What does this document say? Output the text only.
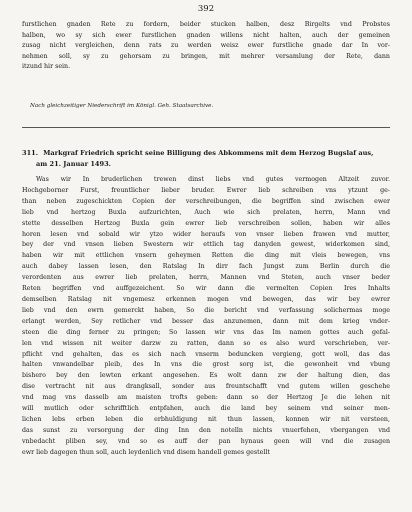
392
furstlichen gnaden Rete zu fordern, beider stucken halben, desz Birgelts vnd Probstes
halben, wo sy sich ewer furstlichen gnaden willens nicht halten, auch der gemeinen
zusag nicht vergleichen, denn rats zu werden weisz ewer furstliche gnade dar In vor-
nehmen soll, sy zu gehorsam zu bringen, mit mehrer versamlung der Rete, dann
itzund hir sein.
Nach gleichzeitiger Niederschrift im Königl. Geh. Staatsarchive.
311. Markgraf Friedrich spricht seine Billigung des Abkommens mit dem Herzog Bugslaf aus,
am 21. Januar 1493.
Was wir In bruderlichen trewen dinst liebs vnd gutes vermogen Altzeit zuvor.
Hochgeborner Furst, freuntlicher lieber bruder. Ewrer lieb schreiben vns ytzunt ge-
than neben zugeschickten Copien der verschreibungen, die begriffen sind zwischen ewer
lieb vnd hertzog Buxla aufzurichten, Auch wie sich prelaten, herrn, Mann vnd
stette desselben Hertzog Buxla gein ewrer lieb verschreiben sollen, haben wir alles
horen lesen vnd sobald wir ytzo wider heraufs von vnser lieben frawen vnd mutter,
bey der vnd vnsen lieben Swestern wir ettlich tag danyden gewest, widerkomen sind,
haben wir mit ettlichen vnsern geheymen Retten die ding mit vleis bewegen, vns
auch dabey lassen lesen, den Ratslag In dirr fach Jungst zum Berlin durch die
verordenten aus ewrer lieb prelaten, herrn, Mannen vnd Steten, auch vnser beder
Reten begriffen vnd auffgezeichent. So wir dann die vermelten Copien Ires Inhalts
demselben Ratslag nit vngemesz erkennen mogen vnd bewegen, das wir bey ewrer
lieb vnd den ewrn gemerckt haben, So die bericht vnd verfassung solichermas moge
erlangt werden, Sey retlicher vnd besser das anzunemen, dann mit dem krieg vnder-
steen die ding ferner zu pringen; So lassen wir vns das Im namen gottes auch gefal-
len vnd wissen nit weiter darzw zu ratten, dann so es also wurd verschrieben, ver-
pflicht vnd gehalten, das es sich nach vnserm beduncken vergieng, gott woll, das das
halten vnwandelbar pleib, des In vns die grost sorg ist, die gewonheit vnd vbung
bishero bey den lewten erkant angesehen. Es wolt dann zw der haltung dien, das
dise vertracht nit aus drangksall, sonder aus freuntschafft vnd gutem willen geschehe
vnd mag vns dasselb am maisten trofts geben: dann so der Hertzog Je die lehen nit
will mutlich oder schrifftlich entpfahen, auch die land bey seinem vnd seiner men-
lichen lebs erben leben die erbhuldigung nit thun lassen, konnen wir nit versteen,
das sunst zu versorgung der ding Inn den notelln nichts vnuerfehen, vbergangen vnd
vnbedacht pliben sey, vnd so es auff der pan hynaus geen will vnd die zusagen
ewr lieb dagegen thun soll, auch leydenlich vnd disem handell gemes gestellt
